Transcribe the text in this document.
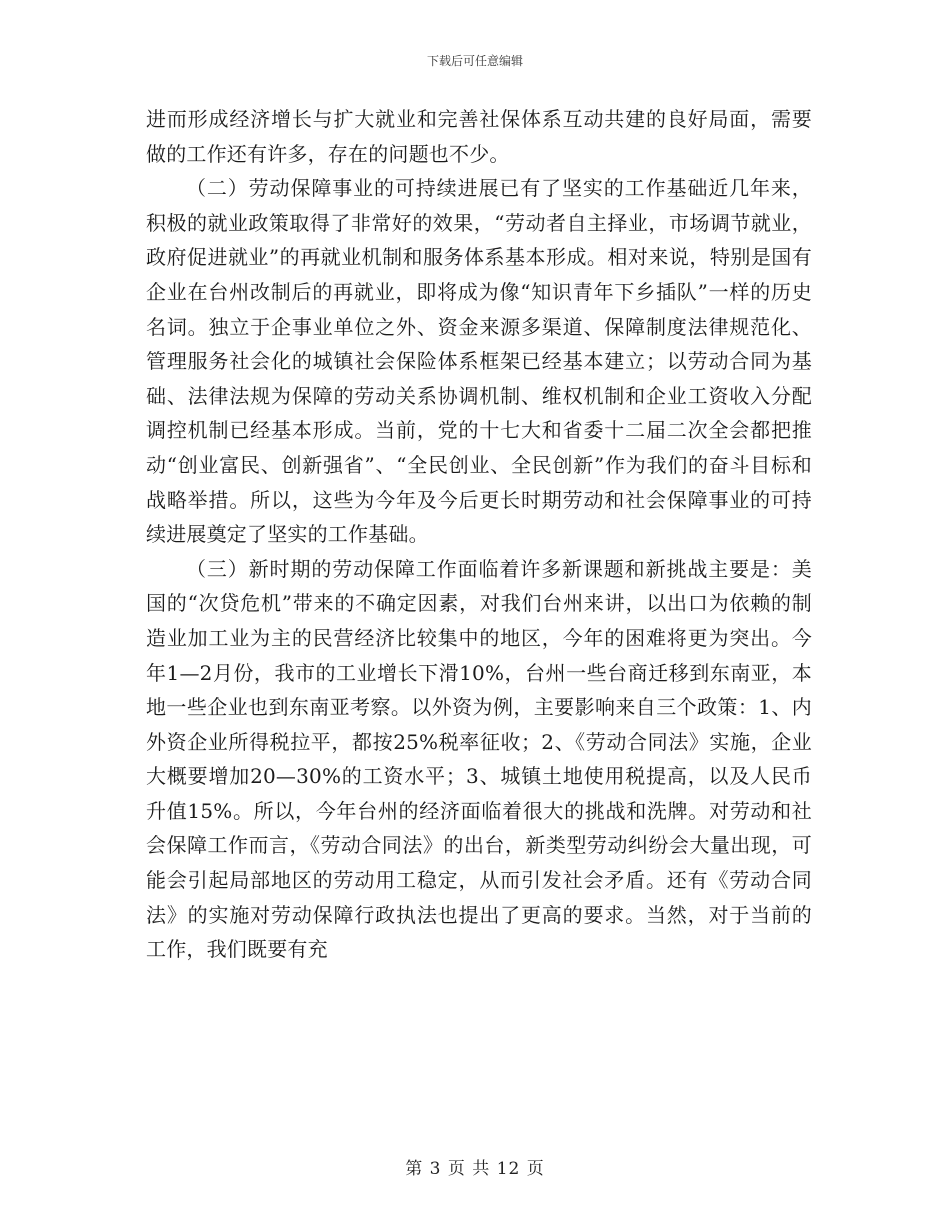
下载后可任意编辑

进而形成经济增长与扩大就业和完善社保体系互动共建的良好局面，需要做的工作还有许多，存在的问题也不少。

（二）劳动保障事业的可持续进展已有了坚实的工作基础近几年来，积极的就业政策取得了非常好的效果，“劳动者自主择业，市场调节就业，政府促进就业”的再就业机制和服务体系基本形成。相对来说，特别是国有企业在台州改制后的再就业，即将成为像“知识青年下乡插队”一样的历史名词。独立于企事业单位之外、资金来源多渠道、保障制度法律规范化、管理服务社会化的城镇社会保险体系框架已经基本建立；以劳动合同为基础、法律法规为保障的劳动关系协调机制、维权机制和企业工资收入分配调控机制已经基本形成。当前，党的十七大和省委十二届二次全会都把推动“创业富民、创新强省”、“全民创业、全民创新”作为我们的奋斗目标和战略举措。所以，这些为今年及今后更长时期劳动和社会保障事业的可持续进展奠定了坚实的工作基础。

（三）新时期的劳动保障工作面临着许多新课题和新挑战主要是：美国的“次贷危机”带来的不确定因素，对我们台州来讲，以出口为依赖的制造业加工业为主的民营经济比较集中的地区，今年的困难将更为突出。今年1—2月份，我市的工业增长下滑10%，台州一些台商迁移到东南亚，本地一些企业也到东南亚考察。以外资为例，主要影响来自三个政策：1、内外资企业所得税拉平，都按25%税率征收；2、《劳动合同法》实施，企业大概要增加20—30%的工资水平；3、城镇土地使用税提高，以及人民币升值15%。所以，今年台州的经济面临着很大的挑战和洗牌。对劳动和社会保障工作而言，《劳动合同法》的出台，新类型劳动纠纷会大量出现，可能会引起局部地区的劳动用工稳定，从而引发社会矛盾。还有《劳动合同法》的实施对劳动保障行政执法也提出了更高的要求。当然，对于当前的工作，我们既要有充

第 3 页 共 12 页
